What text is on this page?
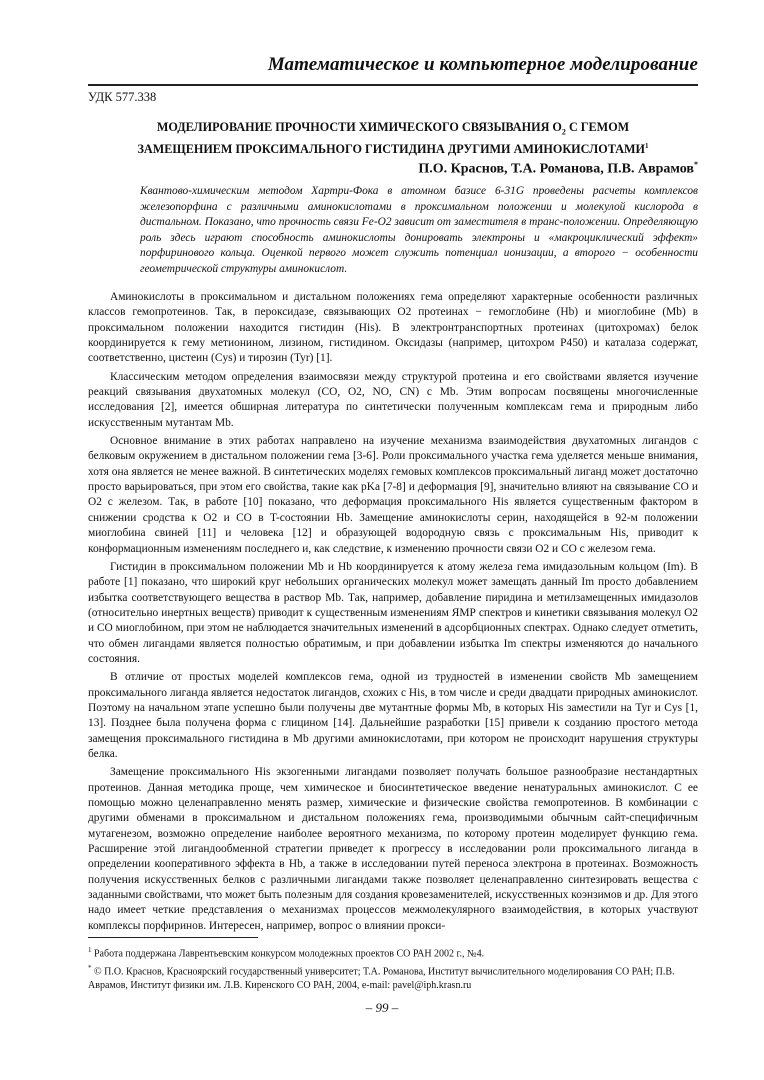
Математическое и компьютерное моделирование
УДК 577.338
МОДЕЛИРОВАНИЕ ПРОЧНОСТИ ХИМИЧЕСКОГО СВЯЗЫВАНИЯ $O_2$ С ГЕМОМ
ЗАМЕЩЕНИЕМ ПРОКСИМАЛЬНОГО ГИСТИДИНА ДРУГИМИ АМИНОКИСЛОТАМИ$^1$
П.О. Краснов, Т.А. Романова, П.В. Аврамов*
Квантово-химическим методом Хартри-Фока в атомном базисе 6-31G проведены расчеты комплексов железопорфина с различными аминокислотами в проксимальном положении и молекулой кислорода в дистальном. Показано, что прочность связи Fe-O2 зависит от заместителя в транс-положении. Определяющую роль здесь играют способность аминокислоты донировать электроны и «макроциклический эффект» порфиринового кольца. Оценкой первого может служить потенциал ионизации, а второго − особенности геометрической структуры аминокислот.

Аминокислоты в проксимальном и дистальном положениях гема определяют характерные особенности различных классов гемопротеинов. Так, в пероксидазе, связывающих O2 протеинах − гемоглобине (Hb) и миоглобине (Mb) в проксимальном положении находится гистидин (His). В электронтранспортных протеинах (цитохромах) белок координируется к гему метионином, лизином, гистидином. Оксидазы (например, цитохром P450) и каталаза содержат, соответственно, цистеин (Cys) и тирозин (Tyr) [1].

Классическим методом определения взаимосвязи между структурой протеина и его свойствами является изучение реакций связывания двухатомных молекул (CO, O2, NO, CN) с Mb. Этим вопросам посвящены многочисленные исследования [2], имеется обширная литература по синтетически полученным комплексам гема и природным либо искусственным мутантам Mb.

Основное внимание в этих работах направлено на изучение механизма взаимодействия двухатомных лигандов с белковым окружением в дистальном положении гема [3-6]. Роли проксимального участка гема уделяется меньше внимания, хотя она является не менее важной. В синтетических моделях гемовых комплексов проксимальный лиганд может достаточно просто варьироваться, при этом его свойства, такие как pKa [7-8] и деформация [9], значительно влияют на связывание CO и O2 с железом. Так, в работе [10] показано, что деформация проксимального His является существенным фактором в снижении сродства к O2 и CO в T-состоянии Hb. Замещение аминокислоты серин, находящейся в 92-м положении миоглобина свиней [11] и человека [12] и образующей водородную связь с проксимальным His, приводит к конформационным изменениям последнего и, как следствие, к изменению прочности связи O2 и CO с железом гема.

Гистидин в проксимальном положении Mb и Hb координируется к атому железа гема имидазольным кольцом (Im). В работе [1] показано, что широкий круг небольших органических молекул может замещать данный Im просто добавлением избытка соответствующего вещества в раствор Mb. Так, например, добавление пиридина и метилзамещенных имидазолов (относительно инертных веществ) приводит к существенным изменениям ЯМР спектров и кинетики связывания молекул O2 и CO миоглобином, при этом не наблюдается значительных изменений в адсорбционных спектрах. Однако следует отметить, что обмен лигандами является полностью обратимым, и при добавлении избытка Im спектры изменяются до начального состояния.

В отличие от простых моделей комплексов гема, одной из трудностей в изменении свойств Mb замещением проксимального лиганда является недостаток лигандов, схожих с His, в том числе и среди двадцати природных аминокислот. Поэтому на начальном этапе успешно были получены две мутантные формы Mb, в которых His заместили на Tyr и Cys [1, 13]. Позднее была получена форма с глицином [14]. Дальнейшие разработки [15] привели к созданию простого метода замещения проксимального гистидина в Mb другими аминокислотами, при котором не происходит нарушения структуры белка.

Замещение проксимального His экзогенными лигандами позволяет получать большое разнообразие нестандартных протеинов. Данная методика проще, чем химическое и биосинтетическое введение ненатуральных аминокислот. С ее помощью можно целенаправленно менять размер, химические и физические свойства гемопротеинов. В комбинации с другими обменами в проксимальном и дистальном положениях гема, производимыми обычным сайт-специфичным мутагенезом, возможно определение наиболее вероятного механизма, по которому протеин моделирует функцию гема. Расширение этой лигандообменной стратегии приведет к прогрессу в исследовании роли проксимального лиганда в определении кооперативного эффекта в Hb, а также в исследовании путей переноса электрона в протеинах. Возможность получения искусственных белков с различными лигандами также позволяет целенаправленно синтезировать вещества с заданными свойствами, что может быть полезным для создания кровезаменителей, искусственных коэнзимов и др. Для этого надо имеет четкие представления о механизмах процессов межмолекулярного взаимодействия, в которых участвуют комплексы порфиринов. Интересен, например, вопрос о влиянии прокси-

$^1$ Работа поддержана Лаврентьевским конкурсом молодежных проектов СО РАН 2002 г., №4.
* © П.О. Краснов, Красноярский государственный университет; Т.А. Романова, Институт вычислительного моделирования СО РАН; П.В. Аврамов, Институт физики им. Л.В. Киренского СО РАН, 2004, e-mail: pavel@iph.krasn.ru
– 99 –
